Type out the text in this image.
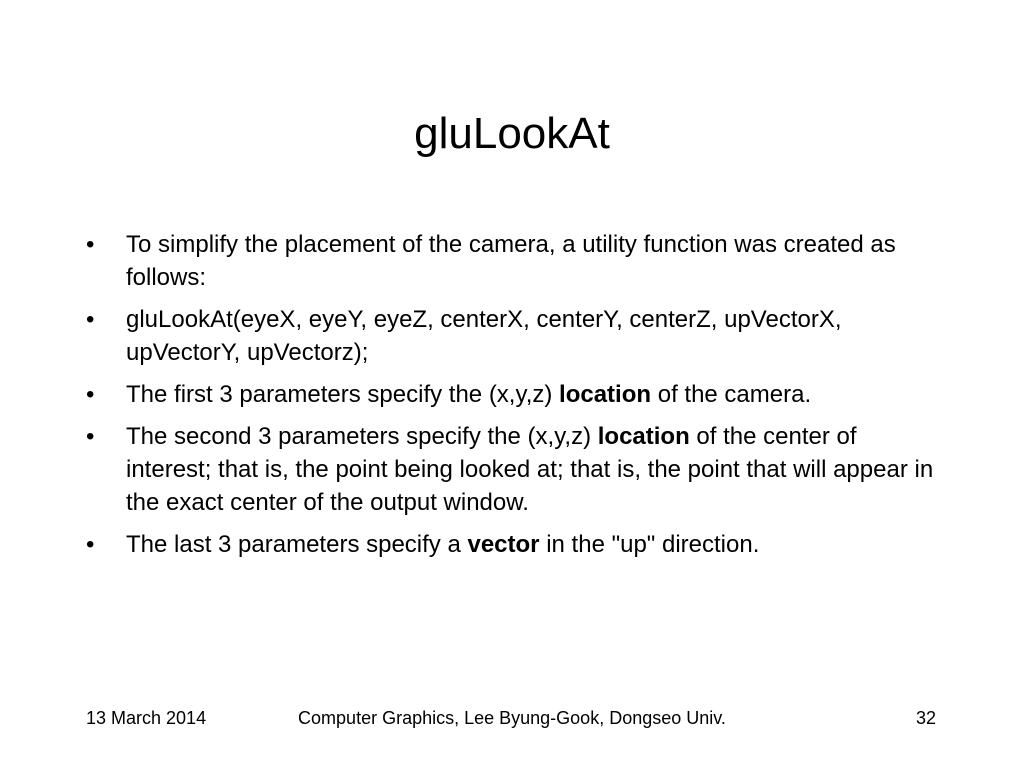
gluLookAt
•	To simplify the placement of the camera, a utility function was created as follows:
•	gluLookAt(eyeX, eyeY, eyeZ, centerX, centerY, centerZ, upVectorX, upVectorY, upVectorz);
•	The first 3 parameters specify the (x,y,z) location of the camera.
•	The second 3 parameters specify the (x,y,z) location of the center of interest; that is, the point being looked at; that is, the point that will appear in the exact center of the output window.
•	The last 3 parameters specify a vector in the "up" direction.
13 March 2014	Computer Graphics, Lee Byung-Gook, Dongseo Univ.	32
